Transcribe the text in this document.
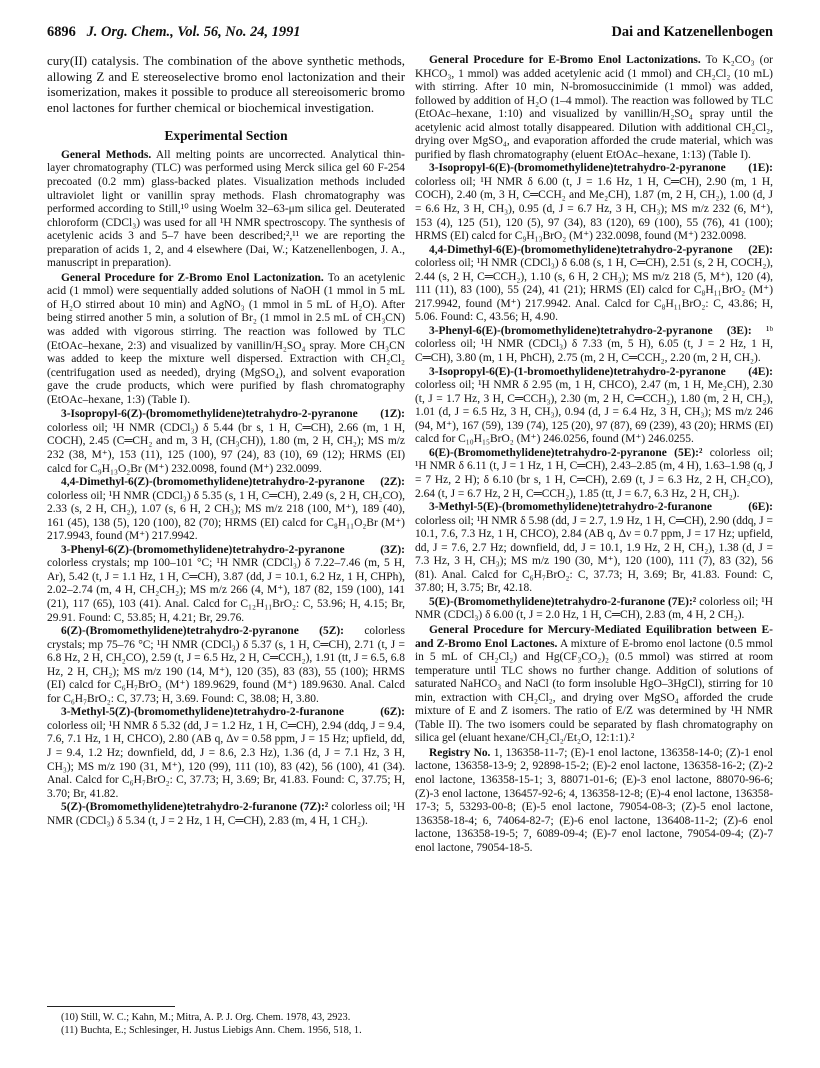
6896 J. Org. Chem., Vol. 56, No. 24, 1991	Dai and Katzenellenbogen

cury(II) catalysis. The combination of the above synthetic methods, allowing Z and E stereoselective bromo enol lactonization and their isomerization, makes it possible to produce all stereoisomeric bromo enol lactones for further chemical or biochemical investigation.

Experimental Section

General Methods. All melting points are uncorrected. Analytical thin-layer chromatography (TLC) was performed using Merck silica gel 60 F-254 precoated (0.2 mm) glass-backed plates. Visualization methods included ultraviolet light or vanillin spray methods. Flash chromatography was performed according to Still,¹⁰ using Woelm 32–63-μm silica gel. Deuterated chloroform (CDCl₃) was used for all ¹H NMR spectroscopy. The synthesis of acetylenic acids 3 and 5–7 have been described;²,¹¹ we are reporting the preparation of acids 1, 2, and 4 elsewhere (Dai, W.; Katzenellenbogen, J. A., manuscript in preparation).

General Procedure for Z-Bromo Enol Lactonization. To an acetylenic acid (1 mmol) were sequentially added solutions of NaOH (1 mmol in 5 mL of H₂O stirred about 10 min) and AgNO₃ (1 mmol in 5 mL of H₂O). After being stirred another 5 min, a solution of Br₂ (1 mmol in 2.5 mL of CH₃CN) was added with vigorous stirring. The reaction was followed by TLC (EtOAc–hexane, 2:3) and visualized by vanillin/H₂SO₄ spray. More CH₃CN was added to keep the mixture well dispersed. Extraction with CH₂Cl₂ (centrifugation used as needed), drying (MgSO₄), and solvent evaporation gave the crude products, which were purified by flash chromatography (EtOAc–hexane, 1:3) (Table I).

3-Isopropyl-6(Z)-(bromomethylidene)tetrahydro-2-pyranone (1Z): colorless oil; ¹H NMR (CDCl₃) δ 5.44 (br s, 1 H, C═CH), 2.66 (m, 1 H, COCH), 2.45 (C═CH₂ and m, 3 H, (CH₃CH)), 1.80 (m, 2 H, CH₂); MS m/z 232 (38, M⁺), 153 (11), 125 (100), 97 (24), 83 (10), 69 (12); HRMS (EI) calcd for C₉H₁₃O₂Br (M⁺) 232.0098, found (M⁺) 232.0099.

4,4-Dimethyl-6(Z)-(bromomethylidene)tetrahydro-2-pyranone (2Z): colorless oil; ¹H NMR (CDCl₃) δ 5.35 (s, 1 H, C═CH), 2.49 (s, 2 H, CH₂CO), 2.33 (s, 2 H, CH₂), 1.07 (s, 6 H, 2 CH₃); MS m/z 218 (100, M⁺), 189 (40), 161 (45), 138 (5), 120 (100), 82 (70); HRMS (EI) calcd for C₈H₁₁O₂Br (M⁺) 217.9943, found (M⁺) 217.9942.

3-Phenyl-6(Z)-(bromomethylidene)tetrahydro-2-pyranone (3Z): colorless crystals; mp 100–101 °C; ¹H NMR (CDCl₃) δ 7.22–7.46 (m, 5 H, Ar), 5.42 (t, J = 1.1 Hz, 1 H, C═CH), 3.87 (dd, J = 10.1, 6.2 Hz, 1 H, CHPh), 2.02–2.74 (m, 4 H, CH₂CH₂); MS m/z 266 (4, M⁺), 187 (82, 159 (100), 141 (21), 117 (65), 103 (41). Anal. Calcd for C₁₂H₁₁BrO₂: C, 53.96; H, 4.15; Br, 29.91. Found: C, 53.85; H, 4.21; Br, 29.76.

6(Z)-(Bromomethylidene)tetrahydro-2-pyranone (5Z): colorless crystals; mp 75–76 °C; ¹H NMR (CDCl₃) δ 5.37 (s, 1 H, C═CH), 2.71 (t, J = 6.8 Hz, 2 H, CH₂CO), 2.59 (t, J = 6.5 Hz, 2 H, C═CCH₂), 1.91 (tt, J = 6.5, 6.8 Hz, 2 H, CH₂); MS m/z 190 (14, M⁺), 120 (35), 83 (83), 55 (100); HRMS (EI) calcd for C₆H₇BrO₂ (M⁺) 189.9629, found (M⁺) 189.9630. Anal. Calcd for C₆H₇BrO₂: C, 37.73; H, 3.69. Found: C, 38.08; H, 3.80.

3-Methyl-5(Z)-(bromomethylidene)tetrahydro-2-furanone (6Z): colorless oil; ¹H NMR δ 5.32 (dd, J = 1.2 Hz, 1 H, C═CH), 2.94 (ddq, J = 9.4, 7.6, 7.1 Hz, 1 H, CHCO), 2.80 (AB q, Δν = 0.58 ppm, J = 15 Hz; upfield, dd, J = 9.4, 1.2 Hz; downfield, dd, J = 8.6, 2.3 Hz), 1.36 (d, J = 7.1 Hz, 3 H, CH₃); MS m/z 190 (31, M⁺), 120 (99), 111 (10), 83 (42), 56 (100), 41 (34). Anal. Calcd for C₆H₇BrO₂: C, 37.73; H, 3.69; Br, 41.83. Found: C, 37.75; H, 3.70; Br, 41.82.

5(Z)-(Bromomethylidene)tetrahydro-2-furanone (7Z):² colorless oil; ¹H NMR (CDCl₃) δ 5.34 (t, J = 2 Hz, 1 H, C═CH), 2.83 (m, 4 H, 1 CH₂).

(10) Still, W. C.; Kahn, M.; Mitra, A. P. J. Org. Chem. 1978, 43, 2923.

(11) Buchta, E.; Schlesinger, H. Justus Liebigs Ann. Chem. 1956, 518, 1.

General Procedure for E-Bromo Enol Lactonizations. To K₂CO₃ (or KHCO₃, 1 mmol) was added acetylenic acid (1 mmol) and CH₂Cl₂ (10 mL) with stirring. After 10 min, N-bromosuccinimide (1 mmol) was added, followed by addition of H₂O (1–4 mmol). The reaction was followed by TLC (EtOAc–hexane, 1:10) and visualized by vanillin/H₂SO₄ spray until the acetylenic acid almost totally disappeared. Dilution with additional CH₂Cl₂, drying over MgSO₄, and evaporation afforded the crude material, which was purified by flash chromatography (eluent EtOAc–hexane, 1:13) (Table I).

3-Isopropyl-6(E)-(bromomethylidene)tetrahydro-2-pyranone (1E): colorless oil; ¹H NMR δ 6.00 (t, J = 1.6 Hz, 1 H, C═CH), 2.90 (m, 1 H, COCH), 2.40 (m, 3 H, C═CCH₂ and Me₂CH), 1.87 (m, 2 H, CH₂), 1.00 (d, J = 6.6 Hz, 3 H, CH₃), 0.95 (d, J = 6.7 Hz, 3 H, CH₃); MS m/z 232 (6, M⁺), 153 (4), 125 (51), 120 (5), 97 (34), 83 (120), 69 (100), 55 (76), 41 (100); HRMS (EI) calcd for C₉H₁₃BrO₂ (M⁺) 232.0098, found (M⁺) 232.0098.

4,4-Dimethyl-6(E)-(bromomethylidene)tetrahydro-2-pyranone (2E): colorless oil; ¹H NMR (CDCl₃) δ 6.08 (s, 1 H, C═CH), 2.51 (s, 2 H, COCH₂), 2.44 (s, 2 H, C═CCH₂), 1.10 (s, 6 H, 2 CH₃); MS m/z 218 (5, M⁺), 120 (4), 111 (11), 83 (100), 55 (24), 41 (21); HRMS (EI) calcd for C₈H₁₁BrO₂ (M⁺) 217.9942, found (M⁺) 217.9942. Anal. Calcd for C₈H₁₁BrO₂: C, 43.86; H, 5.06. Found: C, 43.56; H, 4.90.

3-Phenyl-6(E)-(bromomethylidene)tetrahydro-2-pyranone (3E): ¹ᵇ colorless oil; ¹H NMR (CDCl₃) δ 7.33 (m, 5 H), 6.05 (t, J = 2 Hz, 1 H, C═CH), 3.80 (m, 1 H, PhCH), 2.75 (m, 2 H, C═CCH₂, 2.20 (m, 2 H, CH₂).

3-Isopropyl-6(E)-(1-bromoethylidene)tetrahydro-2-pyranone (4E): colorless oil; ¹H NMR δ 2.95 (m, 1 H, CHCO), 2.47 (m, 1 H, Me₂CH), 2.30 (t, J = 1.7 Hz, 3 H, C═CCH₃), 2.30 (m, 2 H, C═CCH₂), 1.80 (m, 2 H, CH₂), 1.01 (d, J = 6.5 Hz, 3 H, CH₃), 0.94 (d, J = 6.4 Hz, 3 H, CH₃); MS m/z 246 (94, M⁺), 167 (59), 139 (74), 125 (20), 97 (87), 69 (239), 43 (20); HRMS (EI) calcd for C₁₀H₁₅BrO₂ (M⁺) 246.0256, found (M⁺) 246.0255.

6(E)-(Bromomethylidene)tetrahydro-2-pyranone (5E):² colorless oil; ¹H NMR δ 6.11 (t, J = 1 Hz, 1 H, C═CH), 2.43–2.85 (m, 4 H), 1.63–1.98 (q, J = 7 Hz, 2 H); δ 6.10 (br s, 1 H, C═CH), 2.69 (t, J = 6.3 Hz, 2 H, CH₂CO), 2.64 (t, J = 6.7 Hz, 2 H, C═CCH₂), 1.85 (tt, J = 6.7, 6.3 Hz, 2 H, CH₂).

3-Methyl-5(E)-(bromomethylidene)tetrahydro-2-furanone (6E): colorless oil; ¹H NMR δ 5.98 (dd, J = 2.7, 1.9 Hz, 1 H, C═CH), 2.90 (ddq, J = 10.1, 7.6, 7.3 Hz, 1 H, CHCO), 2.84 (AB q, Δν = 0.7 ppm, J = 17 Hz; upfield, dd, J = 7.6, 2.7 Hz; downfield, dd, J = 10.1, 1.9 Hz, 2 H, CH₂), 1.38 (d, J = 7.3 Hz, 3 H, CH₃); MS m/z 190 (30, M⁺), 120 (100), 111 (7), 83 (32), 56 (81). Anal. Calcd for C₆H₇BrO₂: C, 37.73; H, 3.69; Br, 41.83. Found: C, 37.80; H, 3.75; Br, 42.18.

5(E)-(Bromomethylidene)tetrahydro-2-furanone (7E):² colorless oil; ¹H NMR (CDCl₃) δ 6.00 (t, J = 2.0 Hz, 1 H, C═CH), 2.83 (m, 4 H, 2 CH₂).

General Procedure for Mercury-Mediated Equilibration between E- and Z-Bromo Enol Lactones. A mixture of E-bromo enol lactone (0.5 mmol in 5 mL of CH₂Cl₂) and Hg(CF₃CO₂)₂ (0.5 mmol) was stirred at room temperature until TLC shows no further change. Addition of solutions of saturated NaHCO₃ and NaCl (to form insoluble HgO–3HgCl), stirring for 10 min, extraction with CH₂Cl₂, and drying over MgSO₄ afforded the crude mixture of E and Z isomers. The ratio of E/Z was determined by ¹H NMR (Table II). The two isomers could be separated by flash chromatography on silica gel (eluant hexane/CH₂Cl₂/Et₂O, 12:1:1).²

Registry No. 1, 136358-11-7; (E)-1 enol lactone, 136358-14-0; (Z)-1 enol lactone, 136358-13-9; 2, 92898-15-2; (E)-2 enol lactone, 136358-16-2; (Z)-2 enol lactone, 136358-15-1; 3, 88071-01-6; (E)-3 enol lactone, 88070-96-6; (Z)-3 enol lactone, 136457-92-6; 4, 136358-12-8; (E)-4 enol lactone, 136358-17-3; 5, 53293-00-8; (E)-5 enol lactone, 79054-08-3; (Z)-5 enol lactone, 136358-18-4; 6, 74064-82-7; (E)-6 enol lactone, 136408-11-2; (Z)-6 enol lactone, 136358-19-5; 7, 6089-09-4; (E)-7 enol lactone, 79054-09-4; (Z)-7 enol lactone, 79054-18-5.
